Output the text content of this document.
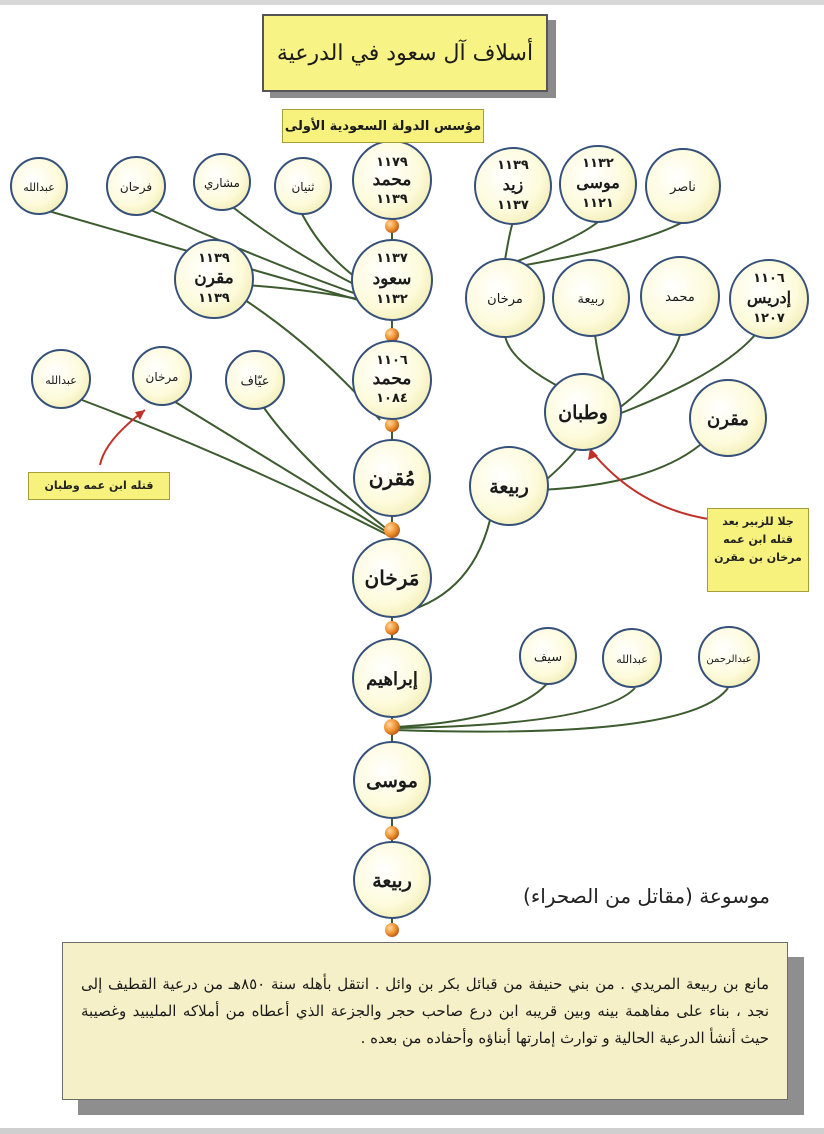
١١٧٩
محمد
١١٣٩
١١٣٧
سعود
١١٣٢
١١٠٦
محمد
١٠٨٤
مُقرن
مَرخان
إبراهيم
موسى
ربيعة
ثنيان
مشاري
فرحان
عبدالله
١١٣٩
مقرن
١١٣٩
عيّاف
مرخان
عبدالله
ربيعة
وطبان	مقرن
مرخان	ربيعة	محمد
١١٠٦
إدريس
١٢٠٧
١١٣٩
زيد
١١٣٧
١١٣٢
موسى
١١٢١
ناصر
سيف	عبدالله	عبدالرحمن
أسلاف آل سعود في الدرعية
مؤسس الدولة السعودية الأولى
قتله ابن عمه وطبان
جلا للزبير بعد
قتله ابن عمه
مرخان بن مقرن
موسوعة (مقاتل من الصحراء)
مانع بن ربيعة المريدي . من بني حنيفة من قبائل بكر بن وائل . انتقل بأهله سنة ٨٥٠هـ من درعية القطيف إلى نجد ، بناء على مفاهمة بينه وبين قريبه ابن درع صاحب حجر والجزعة الذي أعطاه من أملاكه المليبيد وغصيبة حيث أنشأ الدرعية الحالية و توارث إمارتها أبناؤه وأحفاده من بعده .
